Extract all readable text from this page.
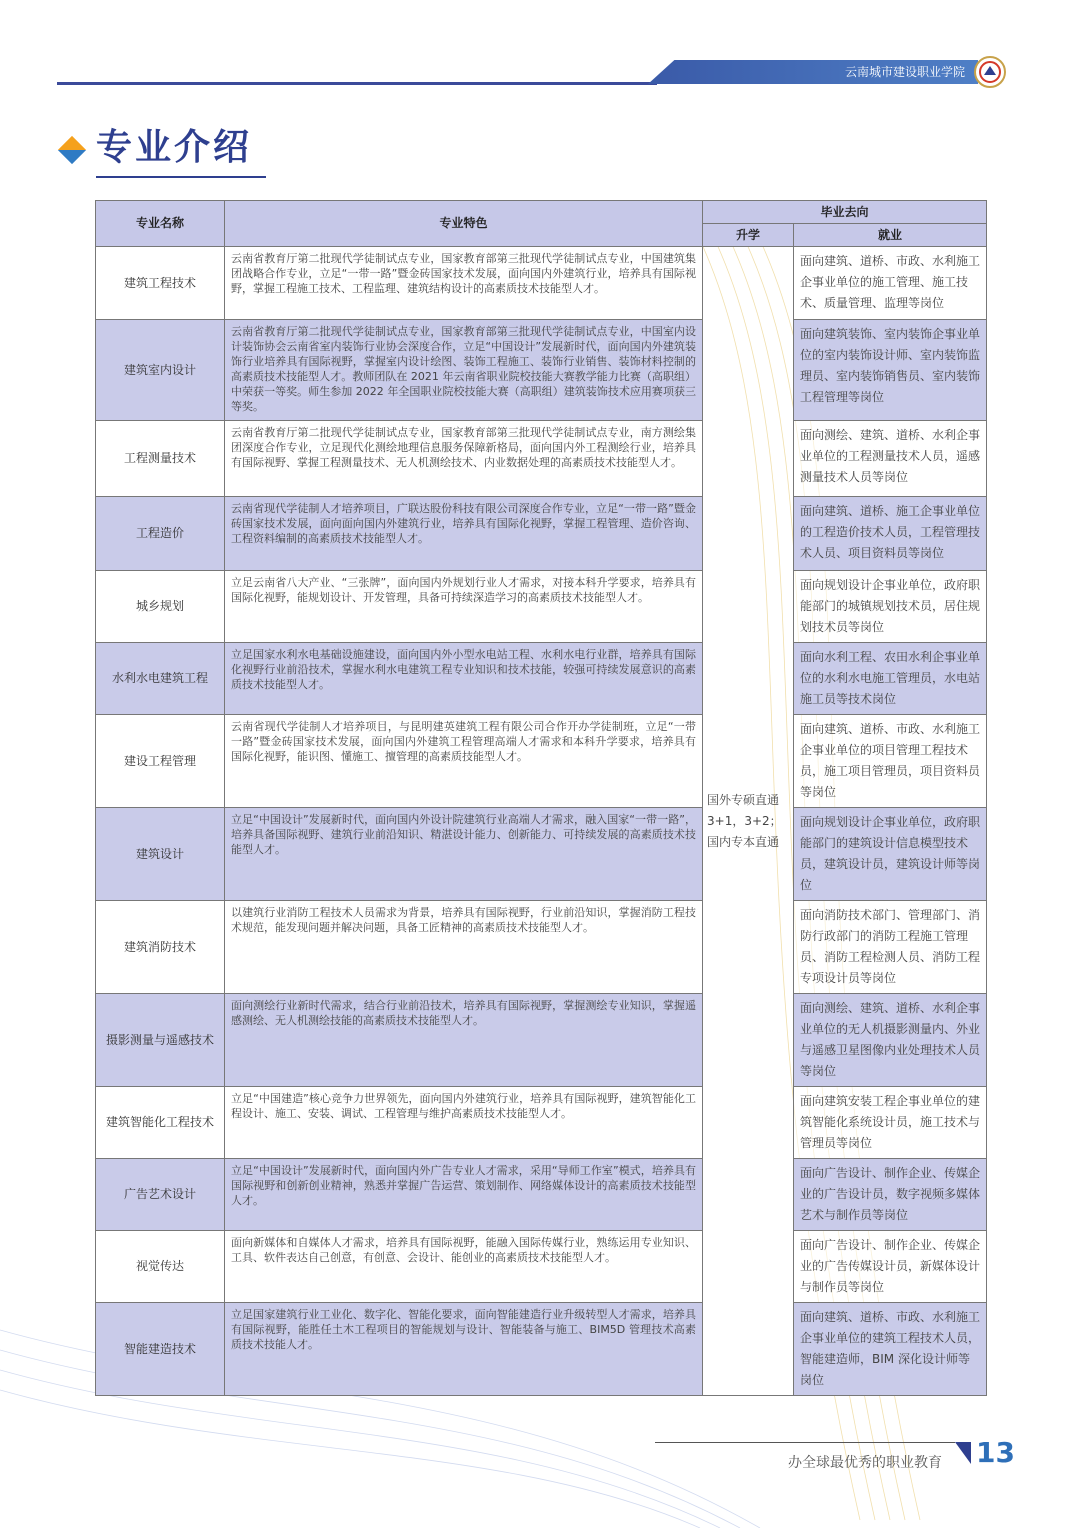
云南城市建设职业学院
专业介绍
专业名称	专业特色	毕业去向	
		升学	就业
建筑工程技术	云南省教育厅第二批现代学徒制试点专业，国家教育部第三批现代学徒制试点专业，中国建筑集团战略合作专业，立足“一带一路”暨金砖国家技术发展，面向国内外建筑行业，培养具有国际视野，掌握工程施工技术、工程监理、建筑结构设计的高素质技术技能型人才。	国外专硕直通3+1，3+2；国内专本直通	面向建筑、道桥、市政、水利施工企事业单位的施工管理、施工技术、质量管理、监理等岗位
建筑室内设计	云南省教育厅第二批现代学徒制试点专业，国家教育部第三批现代学徒制试点专业，中国室内设计装饰协会云南省室内装饰行业协会深度合作，立足“中国设计”发展新时代，面向国内外建筑装饰行业培养具有国际视野，掌握室内设计绘图、装饰工程施工、装饰行业销售、装饰材料控制的高素质技术技能型人才。教师团队在 2021 年云南省职业院校技能大赛教学能力比赛（高职组）中荣获一等奖。师生参加 2022 年全国职业院校技能大赛（高职组）建筑装饰技术应用赛项获三等奖。		面向建筑装饰、室内装饰企事业单位的室内装饰设计师、室内装饰监理员、室内装饰销售员、室内装饰工程管理等岗位
工程测量技术	云南省教育厅第二批现代学徒制试点专业，国家教育部第三批现代学徒制试点专业，南方测绘集团深度合作专业，立足现代化测绘地理信息服务保障新格局，面向国内外工程测绘行业，培养具有国际视野、掌握工程测量技术、无人机测绘技术、内业数据处理的高素质技术技能型人才。		面向测绘、建筑、道桥、水利企事业单位的工程测量技术人员，遥感测量技术人员等岗位
工程造价	云南省现代学徒制人才培养项目，广联达股份科技有限公司深度合作专业，立足“一带一路”暨金砖国家技术发展，面向面向国内外建筑行业，培养具有国际化视野，掌握工程管理、造价咨询、工程资料编制的高素质技术技能型人才。		面向建筑、道桥、施工企事业单位的工程造价技术人员，工程管理技术人员、项目资料员等岗位
城乡规划	立足云南省八大产业、“三张牌”，面向国内外规划行业人才需求，对接本科升学要求，培养具有国际化视野，能规划设计、开发管理，具备可持续深造学习的高素质技术技能型人才。		面向规划设计企事业单位，政府职能部门的城镇规划技术员，居住规划技术员等岗位
水利水电建筑工程	立足国家水利水电基础设施建设，面向国内外小型水电站工程、水利水电行业群，培养具有国际化视野行业前沿技术，掌握水利水电建筑工程专业知识和技术技能，较强可持续发展意识的高素质技术技能型人才。		面向水利工程、农田水利企事业单位的水利水电施工管理员，水电站施工员等技术岗位
建设工程管理	云南省现代学徒制人才培养项目，与昆明建英建筑工程有限公司合作开办学徒制班，立足“一带一路”暨金砖国家技术发展，面向国内外建筑工程管理高端人才需求和本科升学要求，培养具有国际化视野，能识图、懂施工、擅管理的高素质技能型人才。		面向建筑、道桥、市政、水利施工企事业单位的项目管理工程技术员，施工项目管理员，项目资料员等岗位
建筑设计	立足“中国设计”发展新时代，面向国内外设计院建筑行业高端人才需求，融入国家“一带一路”，培养具备国际视野、建筑行业前沿知识、精湛设计能力、创新能力、可持续发展的高素质技术技能型人才。		面向规划设计企事业单位，政府职能部门的建筑设计信息模型技术员，建筑设计员，建筑设计师等岗位
建筑消防技术	以建筑行业消防工程技术人员需求为背景，培养具有国际视野，行业前沿知识，掌握消防工程技术规范，能发现问题并解决问题，具备工匠精神的高素质技术技能型人才。		面向消防技术部门、管理部门、消防行政部门的消防工程施工管理员、消防工程检测人员、消防工程专项设计员等岗位
摄影测量与遥感技术	面向测绘行业新时代需求，结合行业前沿技术，培养具有国际视野，掌握测绘专业知识，掌握遥感测绘、无人机测绘技能的高素质技术技能型人才。		面向测绘、建筑、道桥、水利企事业单位的无人机摄影测量内、外业与遥感卫星图像内业处理技术人员等岗位
建筑智能化工程技术	立足“中国建造”核心竞争力世界领先，面向国内外建筑行业，培养具有国际视野，建筑智能化工程设计、施工、安装、调试、工程管理与维护高素质技术技能型人才。		面向建筑安装工程企事业单位的建筑智能化系统设计员，施工技术与管理员等岗位
广告艺术设计	立足“中国设计”发展新时代，面向国内外广告专业人才需求，采用“导师工作室”模式，培养具有国际视野和创新创业精神，熟悉并掌握广告运营、策划制作、网络媒体设计的高素质技术技能型人才。		面向广告设计、制作企业、传媒企业的广告设计员，数字视频多媒体艺术与制作员等岗位
视觉传达	面向新媒体和自媒体人才需求，培养具有国际视野，能融入国际传媒行业，熟练运用专业知识、工具、软件表达自己创意，有创意、会设计、能创业的高素质技术技能型人才。		面向广告设计、制作企业、传媒企业的广告传媒设计员，新媒体设计与制作员等岗位
智能建造技术	立足国家建筑行业工业化、数字化、智能化要求，面向智能建造行业升级转型人才需求，培养具有国际视野，能胜任土木工程项目的智能规划与设计、智能装备与施工、BIM5D 管理技术高素质技术技能人才。		面向建筑、道桥、市政、水利施工企事业单位的建筑工程技术人员，智能建造师，BIM 深化设计师等岗位
办全球最优秀的职业教育 13
